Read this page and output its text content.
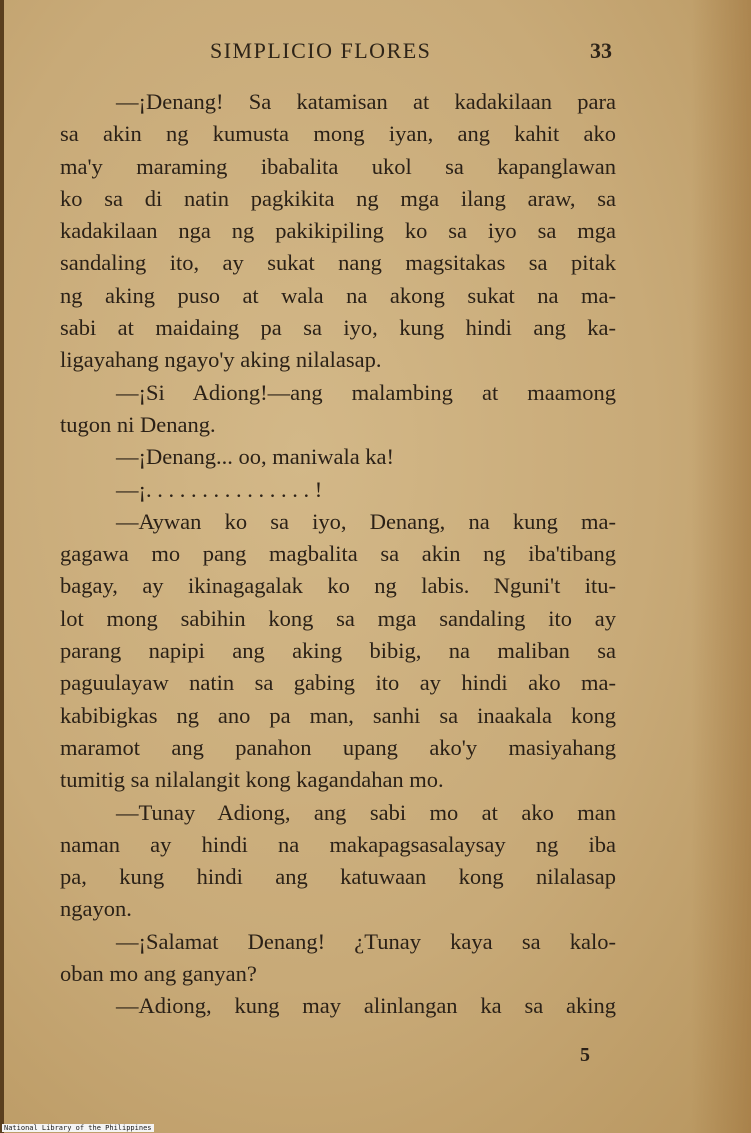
SIMPLICIO FLORES	33
—¡Denang! Sa katamisan at kadakilaan para
sa akin ng kumusta mong iyan, ang kahit ako
ma'y maraming ibabalita ukol sa kapanglawan
ko sa di natin pagkikita ng mga ilang araw, sa
kadakilaan nga ng pakikipiling ko sa iyo sa mga
sandaling ito, ay sukat nang magsitakas sa pitak
ng aking puso at wala na akong sukat na ma-
sabi at maidaing pa sa iyo, kung hindi ang ka-
ligayahang ngayo'y aking nilalasap.
—¡Si Adiong!—ang malambing at maamong
tugon ni Denang.
—¡Denang... oo, maniwala ka!
—¡. . . . . . . . . . . . . . . !
—Aywan ko sa iyo, Denang, na kung ma-
gagawa mo pang magbalita sa akin ng iba'tibang
bagay, ay ikinagagalak ko ng labis. Nguni't itu-
lot mong sabihin kong sa mga sandaling ito ay
parang napipi ang aking bibig, na maliban sa
paguulayaw natin sa gabing ito ay hindi ako ma-
kabibigkas ng ano pa man, sanhi sa inaakala kong
maramot ang panahon upang ako'y masiyahang
tumitig sa nilalangit kong kagandahan mo.
—Tunay Adiong, ang sabi mo at ako man
naman ay hindi na makapagsasalaysay ng iba
pa, kung hindi ang katuwaan kong nilalasap
ngayon.
—¡Salamat Denang! ¿Tunay kaya sa kalo-
oban mo ang ganyan?
—Adiong, kung may alinlangan ka sa aking
5
National Library of the Philippines
